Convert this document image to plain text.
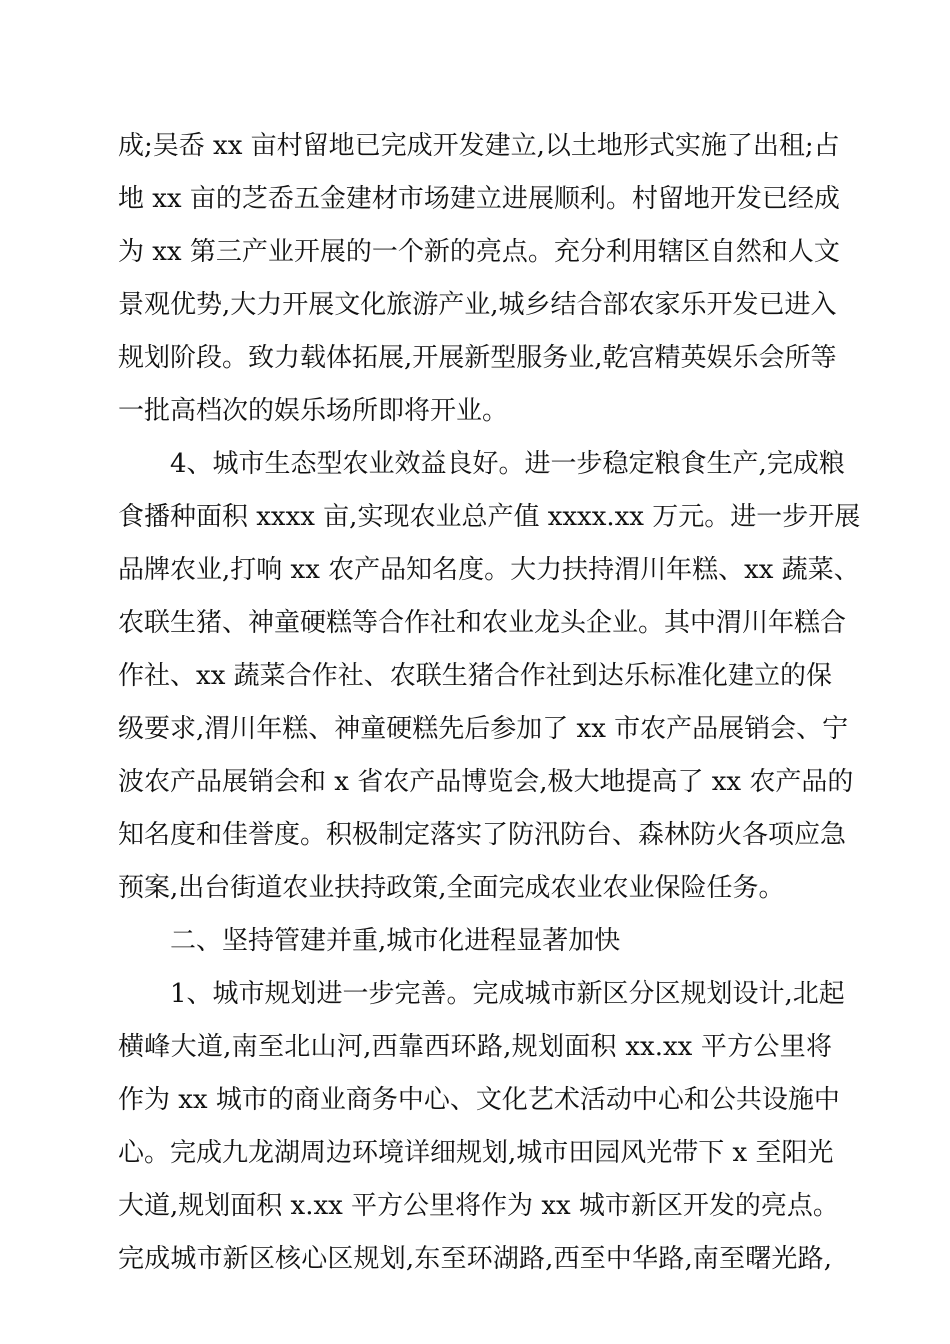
成;吴岙 xx 亩村留地已完成开发建立,以土地形式实施了出租;占
地 xx 亩的芝岙五金建材市场建立进展顺利。村留地开发已经成
为 xx 第三产业开展的一个新的亮点。充分利用辖区自然和人文
景观优势,大力开展文化旅游产业,城乡结合部农家乐开发已进入
规划阶段。致力载体拓展,开展新型服务业,乾宫精英娱乐会所等
一批高档次的娱乐场所即将开业。
4、城市生态型农业效益良好。进一步稳定粮食生产,完成粮
食播种面积 xxxx 亩,实现农业总产值 xxxx.xx 万元。进一步开展
品牌农业,打响 xx 农产品知名度。大力扶持渭川年糕、xx 蔬菜、
农联生猪、神童硬糕等合作社和农业龙头企业。其中渭川年糕合
作社、xx 蔬菜合作社、农联生猪合作社到达乐标准化建立的保
级要求,渭川年糕、神童硬糕先后参加了 xx 市农产品展销会、宁
波农产品展销会和 x 省农产品博览会,极大地提高了 xx 农产品的
知名度和佳誉度。积极制定落实了防汛防台、森林防火各项应急
预案,出台街道农业扶持政策,全面完成农业农业保险任务。
二、坚持管建并重,城市化进程显著加快
1、城市规划进一步完善。完成城市新区分区规划设计,北起
横峰大道,南至北山河,西靠西环路,规划面积 xx.xx 平方公里将
作为 xx 城市的商业商务中心、文化艺术活动中心和公共设施中
心。完成九龙湖周边环境详细规划,城市田园风光带下 x 至阳光
大道,规划面积 x.xx 平方公里将作为 xx 城市新区开发的亮点。
完成城市新区核心区规划,东至环湖路,西至中华路,南至曙光路,
